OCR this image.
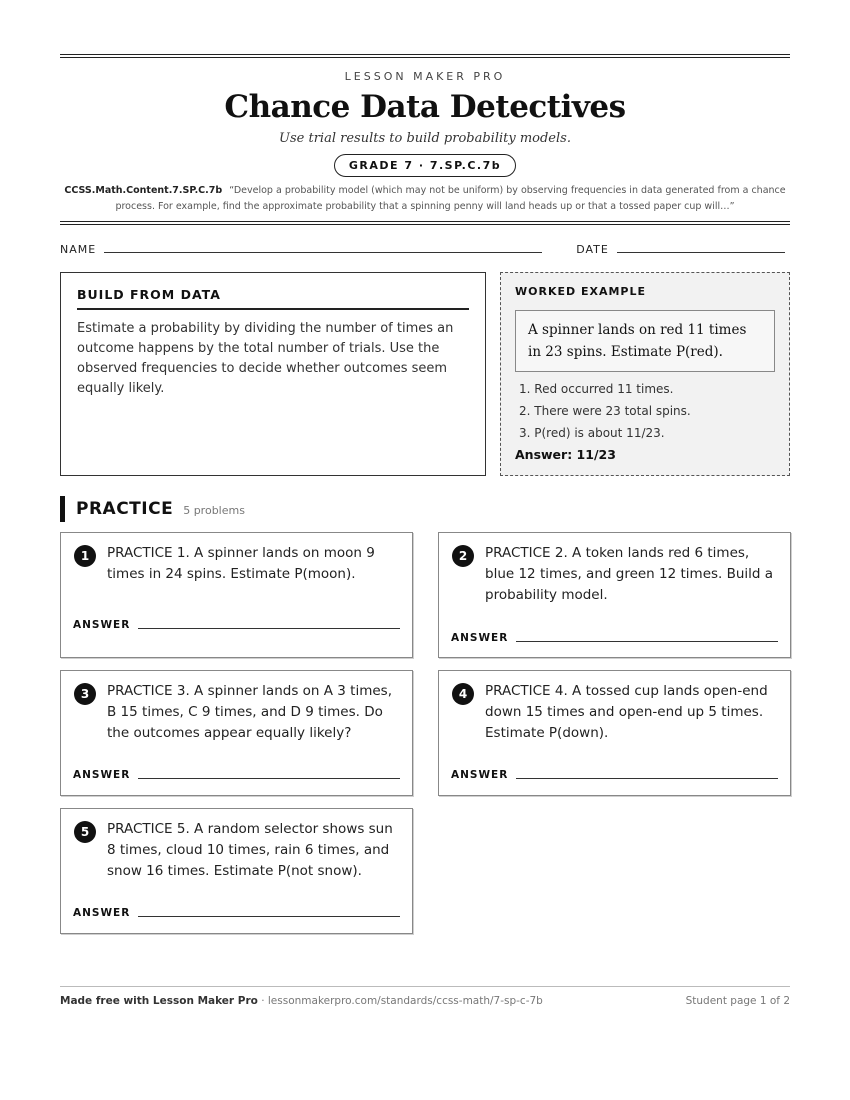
LESSON MAKER PRO
Chance Data Detectives
Use trial results to build probability models.
GRADE 7 · 7.SP.C.7b
CCSS.Math.Content.7.SP.C.7b “Develop a probability model (which may not be uniform) by observing frequencies in data generated from a chance process. For example, find the approximate probability that a spinning penny will land heads up or that a tossed paper cup will…”
NAME	DATE
BUILD FROM DATA

Estimate a probability by dividing the number of times an outcome happens by the total number of trials. Use the observed frequencies to decide whether outcomes seem equally likely.

WORKED EXAMPLE
A spinner lands on red 11 times in 23 spins. Estimate P(red).
1. Red occurred 11 times.
2. There were 23 total spins.
3. P(red) is about 11/23.
Answer: 11/23
PRACTICE 5 problems
1	PRACTICE 1. A spinner lands on moon 9 times in 24 spins. Estimate P(moon).
ANSWER
2	PRACTICE 2. A token lands red 6 times, blue 12 times, and green 12 times. Build a probability model.
ANSWER
3	PRACTICE 3. A spinner lands on A 3 times, B 15 times, C 9 times, and D 9 times. Do the outcomes appear equally likely?
ANSWER
4	PRACTICE 4. A tossed cup lands open-end down 15 times and open-end up 5 times. Estimate P(down).
ANSWER
5	PRACTICE 5. A random selector shows sun 8 times, cloud 10 times, rain 6 times, and snow 16 times. Estimate P(not snow).
ANSWER
Made free with Lesson Maker Pro · lessonmakerpro.com/standards/ccss-math/7-sp-c-7b	Student page 1 of 2
